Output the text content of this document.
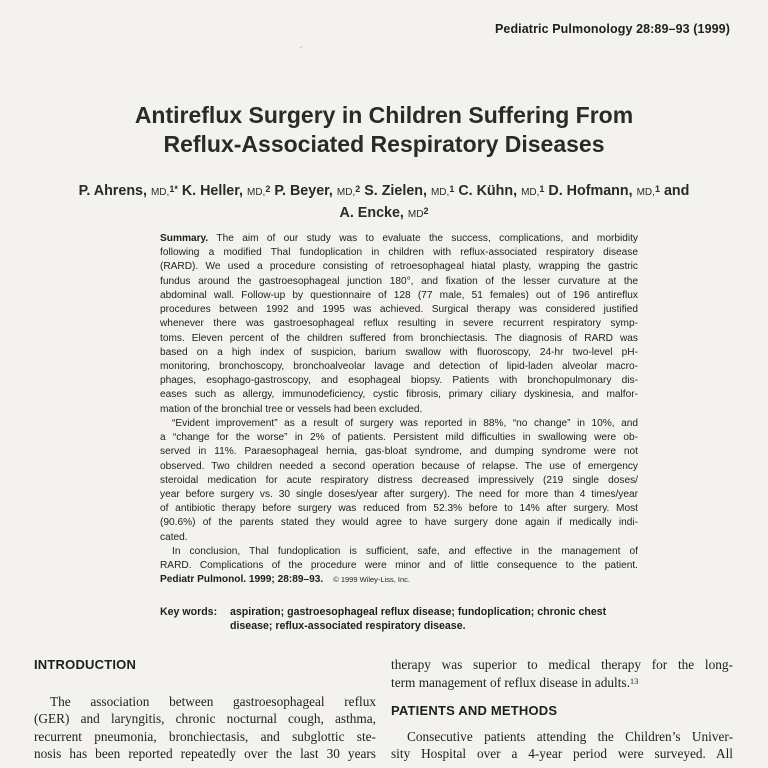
Pediatric Pulmonology 28:89–93 (1999)
.·
Antireflux Surgery in Children Suffering From
Reflux-Associated Respiratory Diseases
P. Ahrens, MD,$^{1*}$ K. Heller, MD,$^2$ P. Beyer, MD,$^2$ S. Zielen, MD,$^1$ C. Kühn, MD,$^1$ D. Hofmann, MD,$^1$ and
A. Encke, $MD^2$

Summary. The aim of our study was to evaluate the success, complications, and morbidity
following a modified Thal fundoplication in children with reflux-associated respiratory disease
(RARD). We used a procedure consisting of retroesophageal hiatal plasty, wrapping the gastric
fundus around the gastroesophageal junction 180°, and fixation of the lesser curvature at the
abdominal wall. Follow-up by questionnaire of 128 (77 male, 51 females) out of 196 antireflux
procedures between 1992 and 1995 was achieved. Surgical therapy was considered justified
whenever there was gastroesophageal reflux resulting in severe recurrent respiratory symp-
toms. Eleven percent of the children suffered from bronchiectasis. The diagnosis of RARD was
based on a high index of suspicion, barium swallow with fluoroscopy, 24-hr two-level pH-
monitoring, bronchoscopy, bronchoalveolar lavage and detection of lipid-laden alveolar macro-
phages, esophago-gastroscopy, and esophageal biopsy. Patients with bronchopulmonary dis-
eases such as allergy, immunodeficiency, cystic fibrosis, primary ciliary dyskinesia, and malfor-
mation of the bronchial tree or vessels had been excluded.

“Evident improvement” as a result of surgery was reported in 88%, “no change” in 10%, and
a “change for the worse” in 2% of patients. Persistent mild difficulties in swallowing were ob-
served in 11%. Paraesophageal hernia, gas-bloat syndrome, and dumping syndrome were not
observed. Two children needed a second operation because of relapse. The use of emergency
steroidal medication for acute respiratory distress decreased impressively (219 single doses/
year before surgery vs. 30 single doses/year after surgery). The need for more than 4 times/year
of antibiotic therapy before surgery was reduced from 52.3% before to 14% after surgery. Most
(90.6%) of the parents stated they would agree to have surgery done again if medically indi-
cated.

In conclusion, Thal fundoplication is sufficient, safe, and effective in the management of
RARD. Complications of the procedure were minor and of little consequence to the patient.
Pediatr Pulmonol. 1999; 28:89–93. © 1999 Wiley-Liss, Inc.

Key words: aspiration; gastroesophageal reflux disease; fundoplication; chronic chest
disease; reflux-associated respiratory disease.
INTRODUCTION
The association between gastroesophageal reflux
(GER) and laryngitis, chronic nocturnal cough, asthma,
recurrent pneumonia, bronchiectasis, and subglottic ste-
nosis has been reported repeatedly over the last 30 years
therapy was superior to medical therapy for the long-
term management of reflux disease in adults.$^{13}$
PATIENTS AND METHODS
Consecutive patients attending the Children’s Univer-
sity Hospital over a 4-year period were surveyed. All
